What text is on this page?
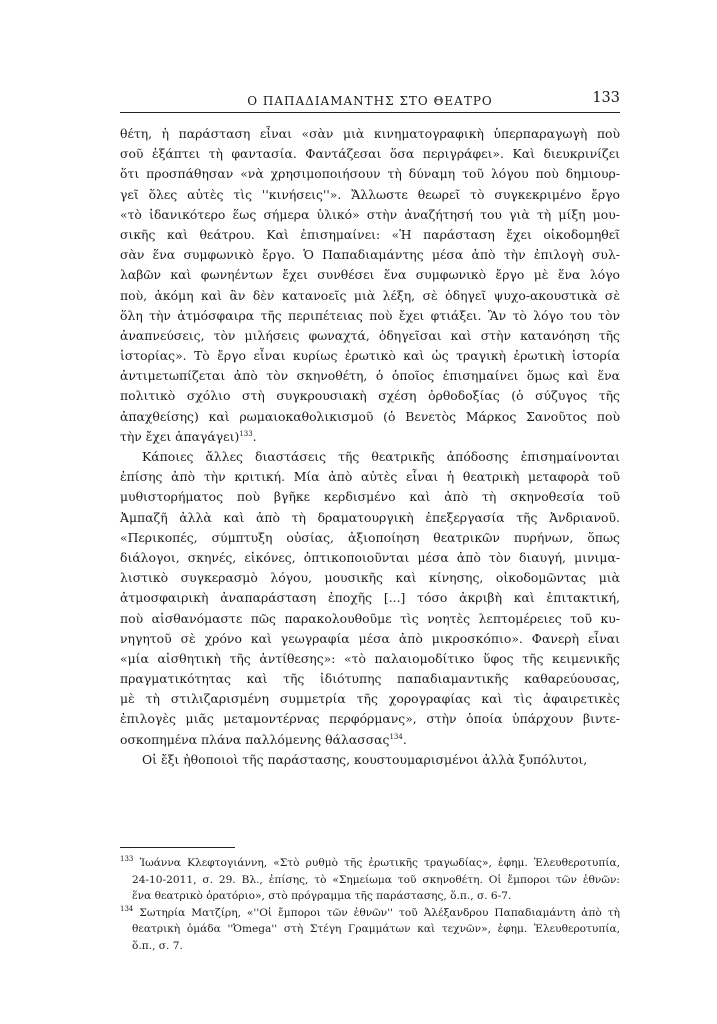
Ο ΠΑΠΑΔΙΑΜΑΝΤΗΣ ΣΤΟ ΘΕΑΤΡΟ	133
θέτη, ἡ παράσταση εἶναι «σὰν μιὰ κινηματογραφικὴ ὑπερπαραγωγὴ ποὺ
σοῦ ἐξάπτει τὴ φαντασία. Φαντάζεσαι ὅσα περιγράφει». Καὶ διευκρινίζει
ὅτι προσπάθησαν «νὰ χρησιμοποιήσουν τὴ δύναμη τοῦ λόγου ποὺ δημιουρ-
γεῖ ὅλες αὐτὲς τὶς ''κινήσεις''». Ἄλλωστε θεωρεῖ τὸ συγκεκριμένο ἔργο
«τὸ ἰδανικότερο ἕως σήμερα ὑλικό» στὴν ἀναζήτησή του γιὰ τὴ μίξη μου-
σικῆς καὶ θεάτρου. Καὶ ἐπισημαίνει: «Ἡ παράσταση ἔχει οἰκοδομηθεῖ
σὰν ἕνα συμφωνικὸ ἔργο. Ὁ Παπαδιαμάντης μέσα ἀπὸ τὴν ἐπιλογὴ συλ-
λαβῶν καὶ φωνηέντων ἔχει συνθέσει ἕνα συμφωνικὸ ἔργο μὲ ἕνα λόγο
ποὺ, ἀκόμη καὶ ἂν δὲν κατανοεῖς μιὰ λέξη, σὲ ὁδηγεῖ ψυχο-ακουστικὰ σὲ
ὅλη τὴν ἀτμόσφαιρα τῆς περιπέτειας ποὺ ἔχει φτιάξει. Ἂν τὸ λόγο του τὸν
ἀναπνεύσεις, τὸν μιλήσεις φωναχτά, ὁδηγεῖσαι καὶ στὴν κατανόηση τῆς
ἱστορίας». Τὸ ἔργο εἶναι κυρίως ἐρωτικὸ καὶ ὡς τραγικὴ ἐρωτικὴ ἱστορία
ἀντιμετωπίζεται ἀπὸ τὸν σκηνοθέτη, ὁ ὁποῖος ἐπισημαίνει ὅμως καὶ ἕνα
πολιτικὸ σχόλιο στὴ συγκρουσιακὴ σχέση ὀρθοδοξίας (ὁ σύζυγος τῆς
ἀπαχθείσης) καὶ ρωμαιοκαθολικισμοῦ (ὁ Βενετὸς Μάρκος Σανοῦτος ποὺ
τὴν ἔχει ἁπαγάγει)$^{133}$.
Κάποιες ἄλλες διαστάσεις τῆς θεατρικῆς ἀπόδοσης ἐπισημαίνονται
ἐπίσης ἀπὸ τὴν κριτική. Μία ἀπὸ αὐτὲς εἶναι ἡ θεατρικὴ μεταφορὰ τοῦ
μυθιστορήματος ποὺ βγῆκε κερδισμένο καὶ ἀπὸ τὴ σκηνοθεσία τοῦ
Ἀμπαζῆ ἀλλὰ καὶ ἀπὸ τὴ δραματουργικὴ ἐπεξεργασία τῆς Ἀνδριανοῦ.
«Περικοπές, σύμπτυξη οὐσίας, ἀξιοποίηση θεατρικῶν πυρήνων, ὅπως
διάλογοι, σκηνές, εἰκόνες, ὀπτικοποιοῦνται μέσα ἀπὸ τὸν διαυγή, μινιμα-
λιστικὸ συγκερασμὸ λόγου, μουσικῆς καὶ κίνησης, οἰκοδομῶντας μιὰ
ἀτμοσφαιρικὴ ἀναπαράσταση ἐποχῆς [...] τόσο ἀκριβὴ καὶ ἐπιτακτική,
ποὺ αἰσθανόμαστε πῶς παρακολουθοῦμε τὶς νοητὲς λεπτομέρειες τοῦ κυ-
νηγητοῦ σὲ χρόνο καὶ γεωγραφία μέσα ἀπὸ μικροσκόπιο». Φανερὴ εἶναι
«μία αἰσθητικὴ τῆς ἀντίθεσης»: «τὸ παλαιομοδίτικο ὕφος τῆς κειμενικῆς
πραγματικότητας καὶ τῆς ἰδιότυπης παπαδιαμαντικῆς καθαρεύουσας,
μὲ τὴ στιλιζαρισμένη συμμετρία τῆς χορογραφίας καὶ τὶς ἀφαιρετικὲς
ἐπιλογὲς μιᾶς μεταμοντέρνας περφόρμανς», στὴν ὁποία ὑπάρχουν βιντε-
οσκοπημένα πλάνα παλλόμενης θάλασσας$^{134}$.
Οἱ ἔξι ἠθοποιοὶ τῆς παράστασης, κουστουμαρισμένοι ἀλλὰ ξυπόλυτοι,
$^{133}$ Ἰωάννα Κλεφτογιάννη, «Στὸ ρυθμὸ τῆς ἐρωτικῆς τραγωδίας», ἐφημ. Ἐλευθεροτυπία,
24-10-2011, σ. 29. Βλ., ἐπίσης, τὸ «Σημείωμα τοῦ σκηνοθέτη. Οἱ ἔμποροι τῶν ἐθνῶν:
ἕνα θεατρικὸ ὀρατόριο», στὸ πρόγραμμα τῆς παράστασης, ὅ.π., σ. 6-7.
$^{134}$ Σωτηρία Ματζίρη, «''Οἱ ἔμποροι τῶν ἐθνῶν'' τοῦ Ἀλέξανδρου Παπαδιαμάντη ἀπὸ τὴ
θεατρικὴ ὁμάδα ''Ὀmega'' στὴ Στέγη Γραμμάτων καὶ τεχνῶν», ἐφημ. Ἐλευθεροτυπία,
ὅ.π., σ. 7.
